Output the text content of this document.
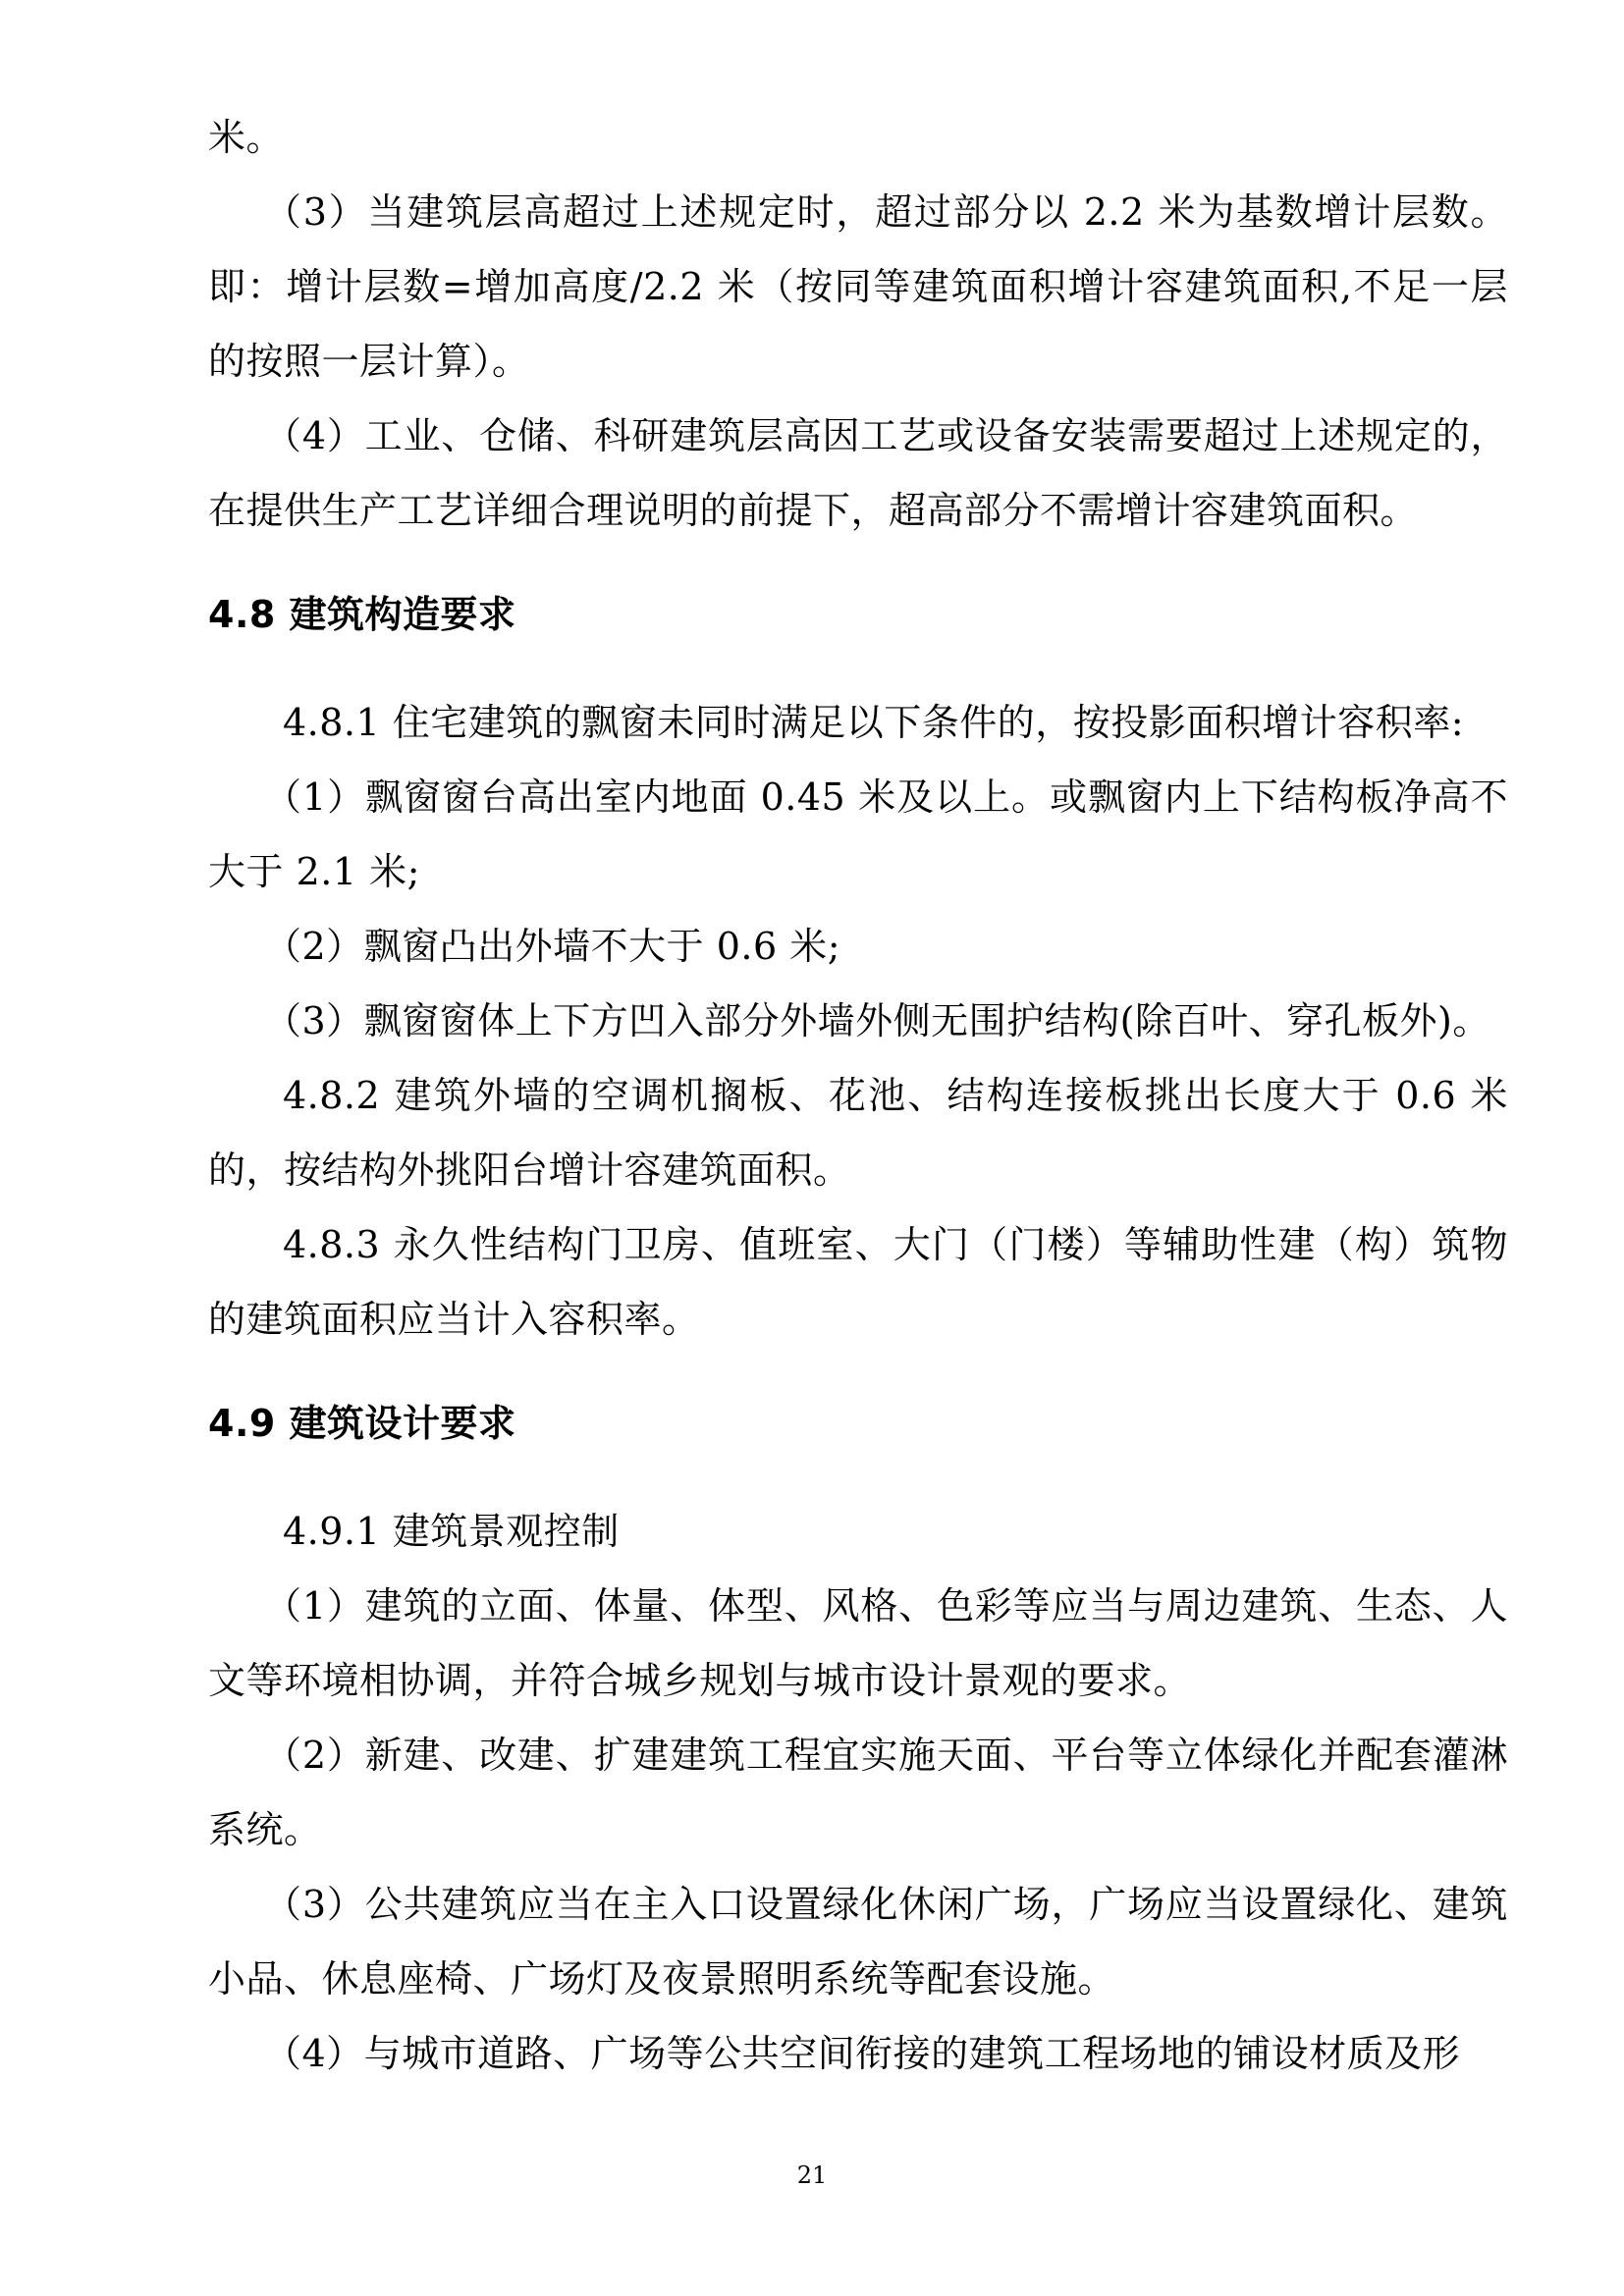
米。

（3）当建筑层高超过上述规定时，超过部分以 2.2 米为基数增计层数。即：增计层数=增加高度/2.2 米（按同等建筑面积增计容建筑面积,不足一层的按照一层计算）。

（4）工业、仓储、科研建筑层高因工艺或设备安装需要超过上述规定的，在提供生产工艺详细合理说明的前提下，超高部分不需增计容建筑面积。

4.8 建筑构造要求

4.8.1 住宅建筑的飘窗未同时满足以下条件的，按投影面积增计容积率:

（1）飘窗窗台高出室内地面 0.45 米及以上。或飘窗内上下结构板净高不大于 2.1 米;

（2）飘窗凸出外墙不大于 0.6 米;

（3）飘窗窗体上下方凹入部分外墙外侧无围护结构(除百叶、穿孔板外)。

4.8.2 建筑外墙的空调机搁板、花池、结构连接板挑出长度大于 0.6 米的，按结构外挑阳台增计容建筑面积。

4.8.3 永久性结构门卫房、值班室、大门（门楼）等辅助性建（构）筑物的建筑面积应当计入容积率。

4.9 建筑设计要求

4.9.1 建筑景观控制

（1）建筑的立面、体量、体型、风格、色彩等应当与周边建筑、生态、人文等环境相协调，并符合城乡规划与城市设计景观的要求。

（2）新建、改建、扩建建筑工程宜实施天面、平台等立体绿化并配套灌淋系统。

（3）公共建筑应当在主入口设置绿化休闲广场，广场应当设置绿化、建筑小品、休息座椅、广场灯及夜景照明系统等配套设施。

（4）与城市道路、广场等公共空间衔接的建筑工程场地的铺设材质及形

21
